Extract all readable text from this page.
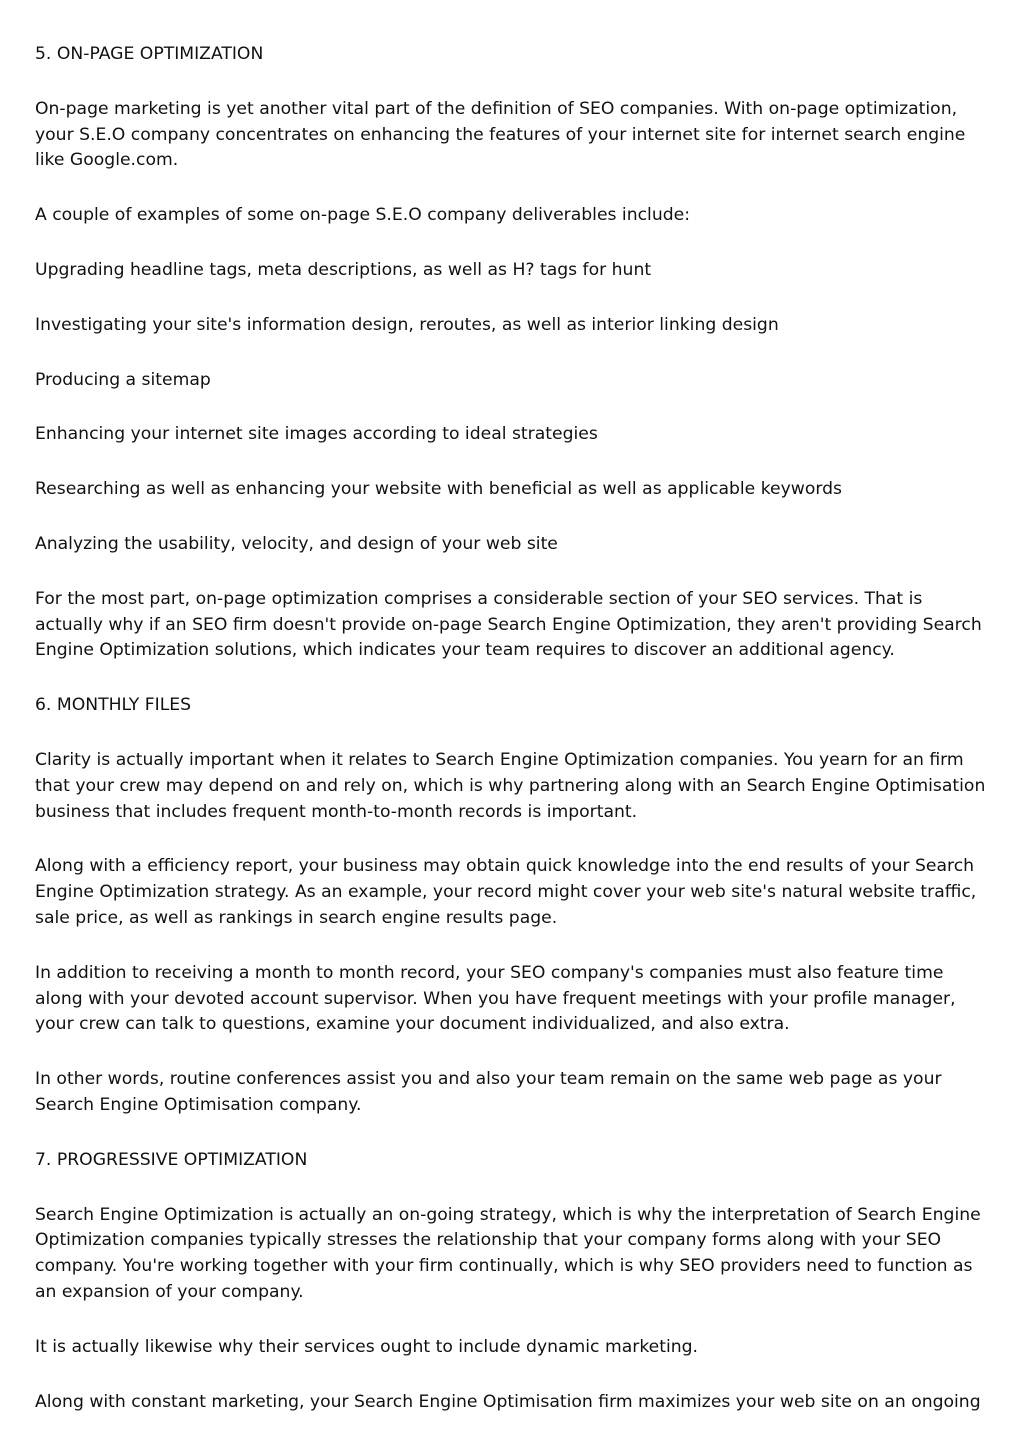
5. ON-PAGE OPTIMIZATION

On-page marketing is yet another vital part of the definition of SEO companies. With on-page optimization, your S.E.O company concentrates on enhancing the features of your internet site for internet search engine like Google.com.

A couple of examples of some on-page S.E.O company deliverables include:

Upgrading headline tags, meta descriptions, as well as H? tags for hunt

Investigating your site's information design, reroutes, as well as interior linking design

Producing a sitemap

Enhancing your internet site images according to ideal strategies

Researching as well as enhancing your website with beneficial as well as applicable keywords

Analyzing the usability, velocity, and design of your web site

For the most part, on-page optimization comprises a considerable section of your SEO services. That is actually why if an SEO firm doesn't provide on-page Search Engine Optimization, they aren't providing Search Engine Optimization solutions, which indicates your team requires to discover an additional agency.

6. MONTHLY FILES

Clarity is actually important when it relates to Search Engine Optimization companies. You yearn for an firm that your crew may depend on and rely on, which is why partnering along with an Search Engine Optimisation business that includes frequent month-to-month records is important.

Along with a efficiency report, your business may obtain quick knowledge into the end results of your Search Engine Optimization strategy. As an example, your record might cover your web site's natural website traffic, sale price, as well as rankings in search engine results page.

In addition to receiving a month to month record, your SEO company's companies must also feature time along with your devoted account supervisor. When you have frequent meetings with your profile manager, your crew can talk to questions, examine your document individualized, and also extra.

In other words, routine conferences assist you and also your team remain on the same web page as your Search Engine Optimisation company.

7. PROGRESSIVE OPTIMIZATION

Search Engine Optimization is actually an on-going strategy, which is why the interpretation of Search Engine Optimization companies typically stresses the relationship that your company forms along with your SEO company. You're working together with your firm continually, which is why SEO providers need to function as an expansion of your company.

It is actually likewise why their services ought to include dynamic marketing.

Along with constant marketing, your Search Engine Optimisation firm maximizes your web site on an ongoing
